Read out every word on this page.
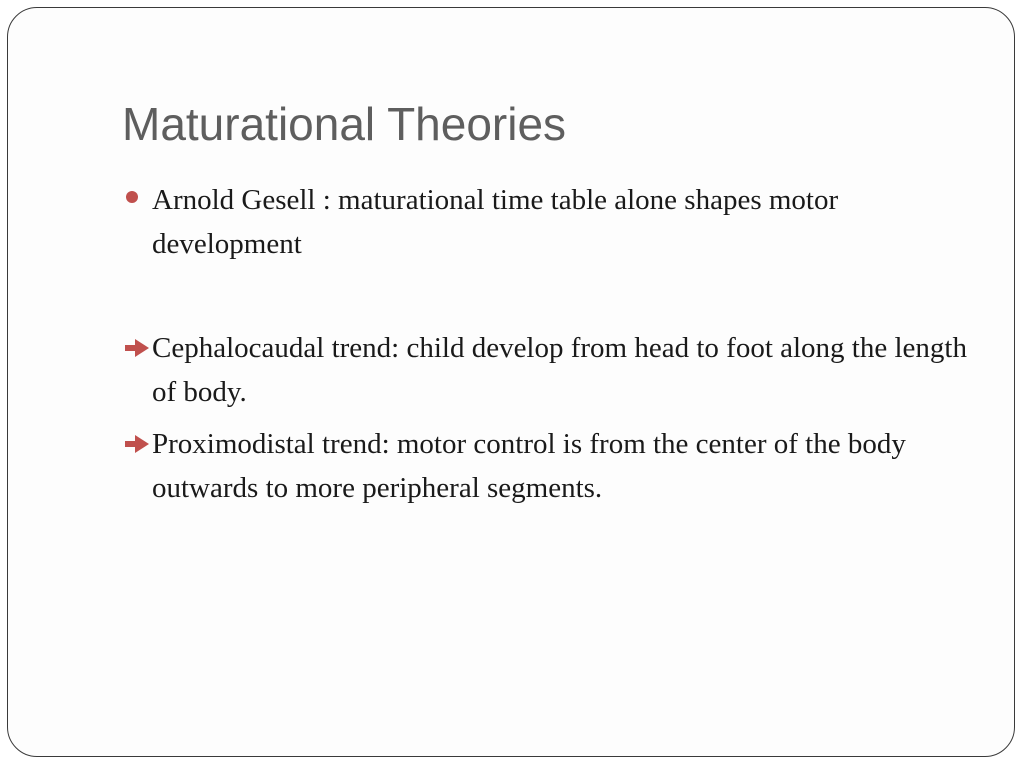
Maturational Theories
Arnold Gesell : maturational time table alone shapes motor development
Cephalocaudal trend: child develop from head to foot along the length of body.
Proximodistal trend: motor control is from the center of the body outwards to more peripheral segments.
